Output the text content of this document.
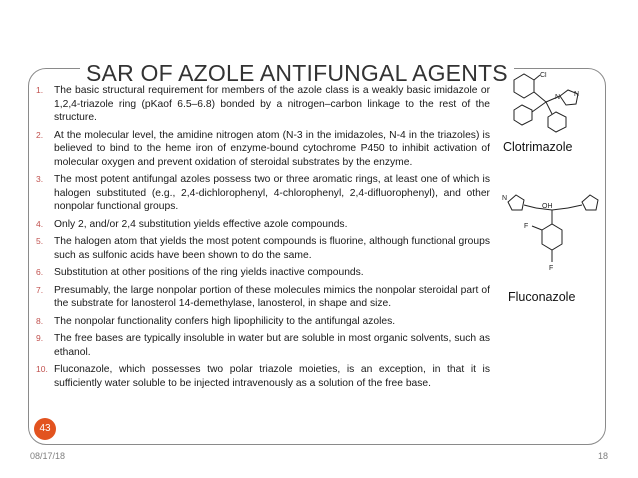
SAR OF AZOLE ANTIFUNGAL AGENTS
1.	The basic structural requirement for members of the azole class is a weakly basic imidazole or 1,2,4-triazole ring (pKaof 6.5–6.8) bonded by a nitrogen–carbon linkage to the rest of the structure.
2.	At the molecular level, the amidine nitrogen atom (N-3 in the imidazoles, N-4 in the triazoles) is believed to bind to the heme iron of enzyme-bound cytochrome P450 to inhibit activation of molecular oxygen and prevent oxidation of steroidal substrates by the enzyme.
3.	The most potent antifungal azoles possess two or three aromatic rings, at least one of which is halogen substituted (e.g., 2,4-dichlorophenyl, 4-chlorophenyl, 2,4-difluorophenyl), and other nonpolar functional groups.
4.	Only 2, and/or 2,4 substitution yields effective azole compounds.
5.	The halogen atom that yields the most potent compounds is fluorine, although functional groups such as sulfonic acids have been shown to do the same.
6.	Substitution at other positions of the ring yields inactive compounds.
7.	Presumably, the large nonpolar portion of these molecules mimics the nonpolar steroidal part of the substrate for lanosterol 14-demethylase, lanosterol, in shape and size.
8.	The nonpolar functionality confers high lipophilicity to the antifungal azoles.
9.	The free bases are typically insoluble in water but are soluble in most organic solvents, such as ethanol.
10. Fluconazole, which possesses two polar triazole moieties, is an exception, in that it is sufficiently water soluble to be injected intravenously as a solution of the free base.
Cl
N
N
Clotrimazole
N
OH
F
F
Fluconazole
43
08/17/18	18
